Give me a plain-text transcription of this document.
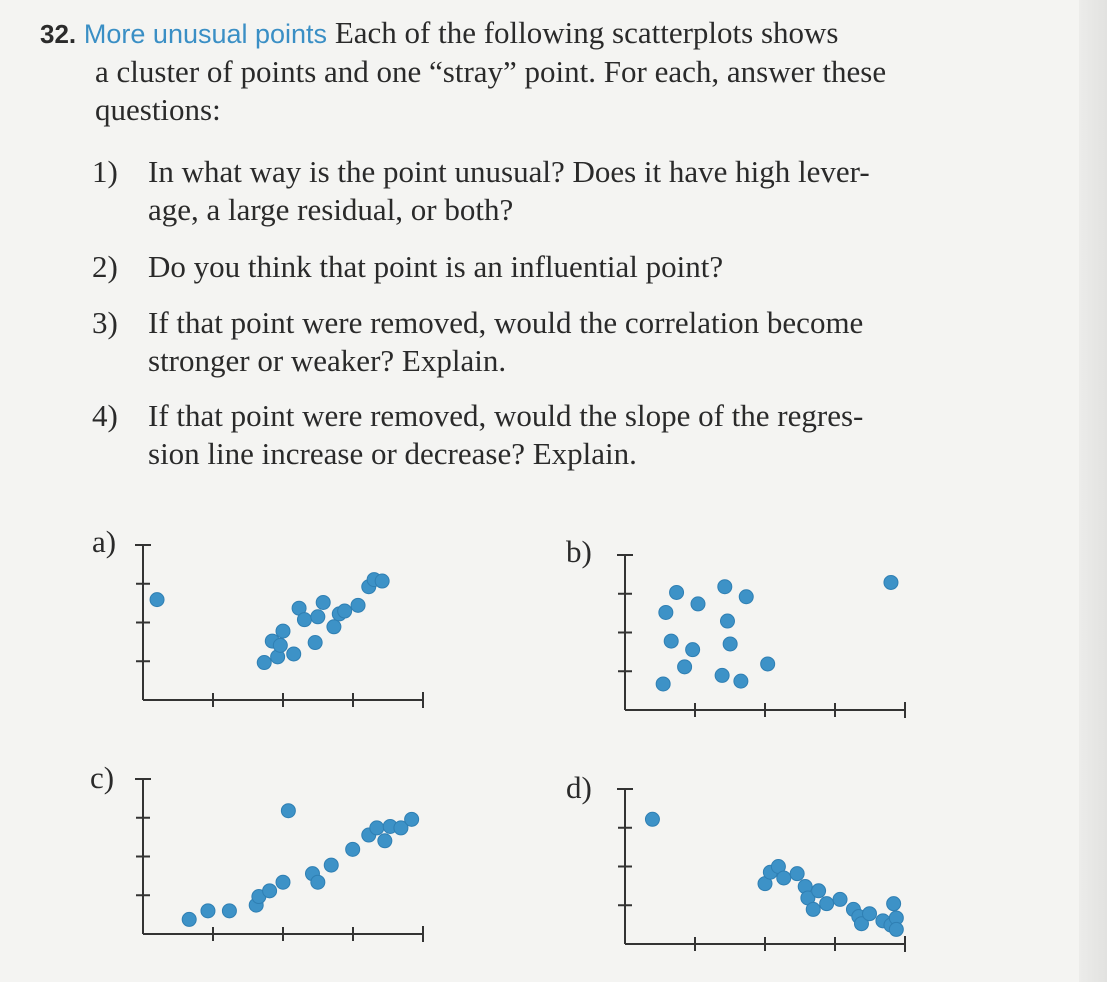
32. More unusual points Each of the following scatterplots shows
a cluster of points and one “stray” point. For each, answer these
questions:
1) In what way is the point unusual? Does it have high lever-
age, a large residual, or both?
2) Do you think that point is an influential point?
3) If that point were removed, would the correlation become
stronger or weaker? Explain.
4) If that point were removed, would the slope of the regres-
sion line increase or decrease? Explain.
a)	b)
c)	d)
